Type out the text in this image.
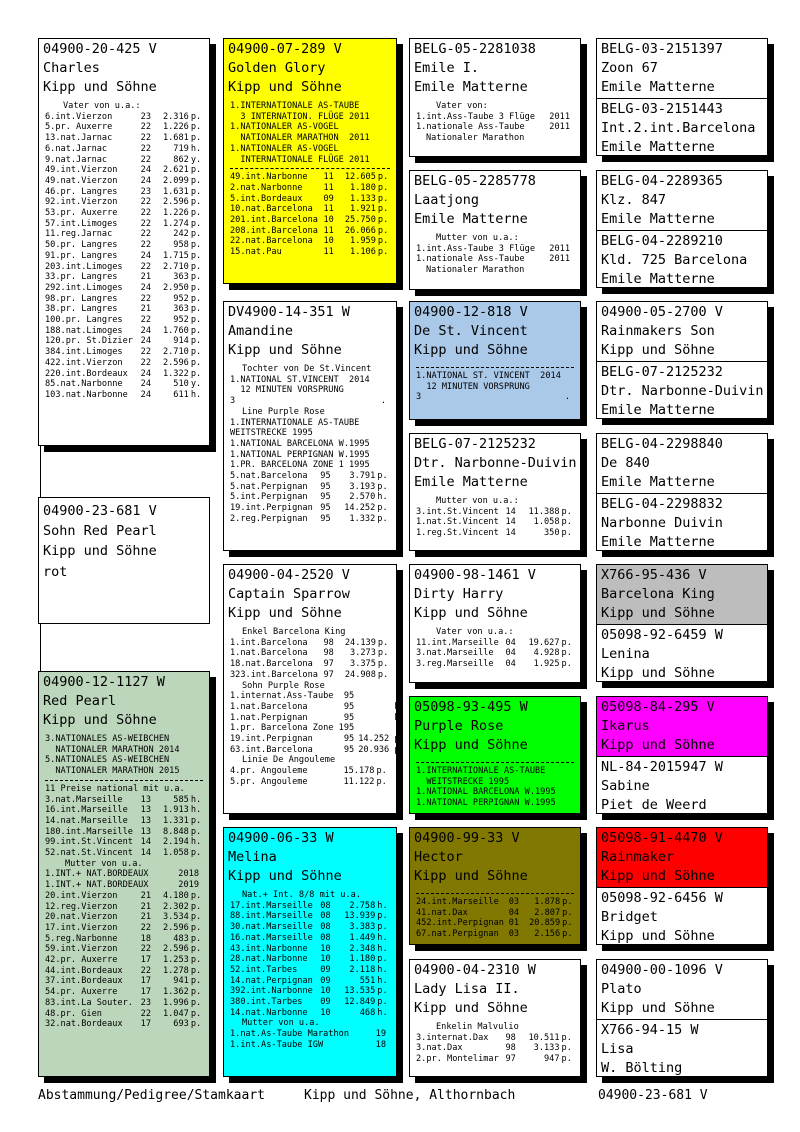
04900-20-425 V
Charles
Kipp und Söhne
Vater von u.a.:
6.int.Vierzon	23	2.316	p.
5.pr. Auxerre	22	1.226	p.
13.nat.Jarnac	22	1.681	p.
6.nat.Jarnac	22	719	h.
9.nat.Jarnac	22	862	y.
49.int.Vierzon	24	2.621	p.
49.nat.Vierzon	24	2.099	p.
46.pr. Langres	23	1.631	p.
92.int.Vierzon	22	2.596	p.
53.pr. Auxerre	22	1.226	p.
57.int.Limoges	22	1.274	p.
11.reg.Jarnac	22	242	p.
50.pr. Langres	22	958	p.
91.pr. Langres	24	1.715	p.
203.int.Limoges	22	2.710	p.
33.pr. Langres	21	363	p.
292.int.Limoges	24	2.950	p.
98.pr. Langres	22	952	p.
38.pr. Langres	21	363	p.
100.pr. Langres	22	952	p.
188.nat.Limoges	24	1.760	p.
120.pr. St.Dizier	24	914	p.
384.int.Limoges	22	2.710	p.
422.int.Vierzon	22	2.596	p.
220.int.Bordeaux	24	1.322	p.
85.nat.Narbonne	24	510	y.
103.nat.Narbonne	24	611	h.
04900-23-681 V
Sohn Red Pearl
Kipp und Söhne
rot
04900-12-1127 W
Red Pearl
Kipp und Söhne
3.NATIONALES AS-WEIBCHEN
NATIONALER MARATHON 2014
5.NATIONALES AS-WEIBCHEN
NATIONALER MARATHON 2015
11 Preise national mit u.a.
3.nat.Marseille	13	585	h.
16.int.Marseille	13	1.913	h.
14.nat.Marseille	13	1.331	p.
180.int.Marseille	13	8.848	p.
99.int.St.Vincent	14	2.194	h.
52.nat.St.Vincent	14	1.058	p.
Mutter von u.a.
1.INT.+ NAT.BORDEAUX	2018
1.INT.+ NAT.BORDEAUX	2019
20.int.Vierzon	21	4.180	p.
12.reg.Vierzon	21	2.302	p.
20.nat.Vierzon	21	3.534	p.
17.int.Vierzon	22	2.596	p.
5.reg.Narbonne	18	483	p.
59.int.Vierzon	22	2.596	p.
42.pr. Auxerre	17	1.253	p.
44.int.Bordeaux	22	1.278	p.
37.int.Bordeaux	17	941	p.
54.pr. Auxerre	17	1.362	p.
83.int.La Souter.	23	1.996	p.
48.pr. Gien	22	1.047	p.
32.nat.Bordeaux	17	693	p.
04900-07-289 V
Golden Glory
Kipp und Söhne
1.INTERNATIONALE AS-TAUBE
3 INTERNATION. FLÜGE 2011
1.NATIONALER AS-VOGEL
NATIONALER MARATHON  2011
1.NATIONALER AS-VOGEL
INTERNATIONALE FLÜGE 2011
49.int.Narbonne	11	12.605	p.
2.nat.Narbonne	11	1.180	p.
5.int.Bordeaux	09	1.133	p.
10.nat.Barcelona	11	1.921	p.
201.int.Barcelona	10	25.750	p.
208.int.Barcelona	11	26.066	p.
22.nat.Barcelona	10	1.959	p.
15.nat.Pau	11	1.106	p.
DV4900-14-351 W
Amandine
Kipp und Söhne
Tochter von De St.Vincent
1.NATIONAL ST.VINCENT  2014
12 MINUTEN VORSPRUNG
3	.
Line Purple Rose
1.INTERNATIONALE AS-TAUBE
WEITSTRECKE 1995
1.NATIONAL BARCELONA W.1995
1.NATIONAL PERPIGNAN W.1995
1.PR. BARCELONA ZONE 1 1995
5.nat.Barcelona	95	3.791	p.
5.nat.Perpignan	95	3.193	p.
5.int.Perpignan	95	2.570	h.
19.int.Perpignan	95	14.252	p.
2.reg.Perpignan	95	1.332	p.
04900-04-2520 V
Captain Sparrow
Kipp und Söhne
Enkel Barcelona King
1.int.Barcelona	98	24.139	p.
1.nat.Barcelona	98	3.273	p.
18.nat.Barcelona	97	3.375	p.
323.int.Barcelona	97	24.908	p.
Sohn Purple Rose
1.internat.Ass-Taube	95	
1.nat.Barcelona	95	h.
1.nat.Perpignan	95	h.
1.pr. Barcelona Zone 1	95	
19.int.Perpignan	95	14.252 p.
63.int.Barcelona	95	20.936 p.
Linie De Angouleme
4.pr. Angouleme		15.178	p.
5.pr. Angouleme		11.122	p.
04900-06-33 W
Melina
Kipp und Söhne
Nat.+ Int. 8/8 mit u.a.
17.int.Marseille	08	2.758	h.
88.int.Marseille	08	13.939	p.
30.nat.Marseille	08	3.383	p.
16.nat.Marseille	08	1.449	h.
43.int.Narbonne	10	2.348	h.
28.nat.Narbonne	10	1.180	p.
52.int.Tarbes	09	2.118	h.
14.nat.Perpignan	09	551	h.
392.int.Narbonne	10	13.535	p.
380.int.Tarbes	09	12.849	p.
14.nat.Narbonne	10	468	h.
Mutter von u.a.
1.nat.As-Taube Marathon	19
1.int.As-Taube IGW	18
BELG-05-2281038
Emile I.
Emile Matterne
Vater von:
1.int.Ass-Taube 3 Flüge	2011
1.nationale Ass-Taube	2011
Nationaler Marathon
BELG-05-2285778
Laatjong
Emile Matterne
Mutter von u.a.:
1.int.Ass-Taube 3 Flüge	2011
1.nationale Ass-Taube	2011
Nationaler Marathon
04900-12-818 V
De St. Vincent
Kipp und Söhne
1.NATIONAL ST. VINCENT  2014
12 MINUTEN VORSPRUNG
3	.
BELG-07-2125232
Dtr. Narbonne-Duivin
Emile Matterne
Mutter von u.a.:
3.int.St.Vincent	14	11.388	p.
1.nat.St.Vincent	14	1.058	p.
1.reg.St.Vincent	14	350	p.
04900-98-1461 V
Dirty Harry
Kipp und Söhne
Vater von u.a.:
11.int.Marseille	04	19.627	p.
3.nat.Marseille	04	4.928	p.
3.reg.Marseille	04	1.925	p.
05098-93-495 W
Purple Rose
Kipp und Söhne
1.INTERNATIONALE AS-TAUBE
WEITSTRECKE 1995
1.NATIONAL BARCELONA W.1995
1.NATIONAL PERPIGNAN W.1995
04900-99-33 V
Hector
Kipp und Söhne
24.int.Marseille	03	1.878	p.
41.nat.Dax	04	2.807	p.
452.int.Perpignan	01	20.859	p.
67.nat.Perpignan	03	2.156	p.
04900-04-2310 W
Lady Lisa II.
Kipp und Söhne
Enkelin Malvulio
3.internat.Dax	98	10.511	p.
3.nat.Dax	98	3.133	p.
2.pr. Montelimar	97	947	p.
BELG-03-2151397
Zoon 67
Emile Matterne
BELG-03-2151443
Int.2.int.Barcelona
Emile Matterne
BELG-04-2289365
Klz. 847
Emile Matterne
BELG-04-2289210
Kld. 725 Barcelona
Emile Matterne
04900-05-2700 V
Rainmakers Son
Kipp und Söhne
BELG-07-2125232
Dtr. Narbonne-Duivin
Emile Matterne
BELG-04-2298840
De 840
Emile Matterne
BELG-04-2298832
Narbonne Duivin
Emile Matterne
X766-95-436 V
Barcelona King
Kipp und Söhne
05098-92-6459 W
Lenina
Kipp und Söhne
05098-84-295 V
Ikarus
Kipp und Söhne
NL-84-2015947 W
Sabine
Piet de Weerd
05098-91-4470 V
Rainmaker
Kipp und Söhne
05098-92-6456 W
Bridget
Kipp und Söhne
04900-00-1096 V
Plato
Kipp und Söhne
X766-94-15 W
Lisa
W. Bölting
Abstammung/Pedigree/Stamkaart	Kipp und Söhne, Althornbach	04900-23-681 V
